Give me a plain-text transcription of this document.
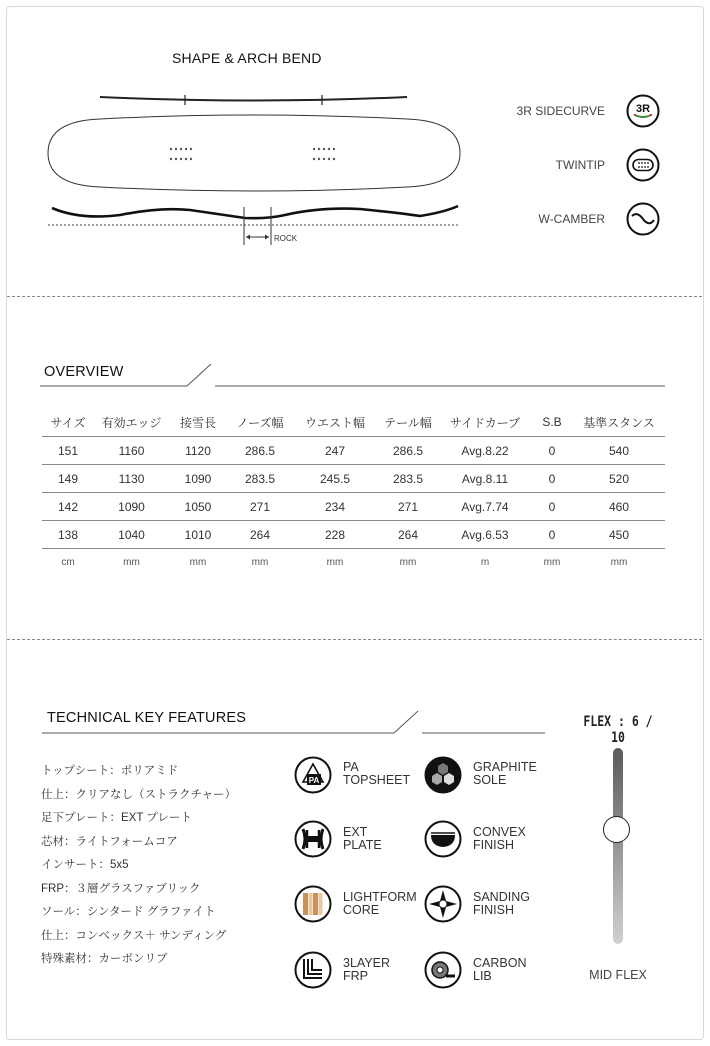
SHAPE & ARCH BEND
ROCK
3R SIDECURVE	3R
TWINTIP
W-CAMBER
OVERVIEW
サイズ	有効エッジ	接雪長	ノーズ幅	ウエスト幅	テール幅	サイドカーブ	S.B	基準スタンス
151	1160	1120	286.5	247	286.5	Avg.8.22	0	540
149	1130	1090	283.5	245.5	283.5	Avg.8.11	0	520
142	1090	1050	271	234	271	Avg.7.74	0	460
138	1040	1010	264	228	264	Avg.6.53	0	450
cm	mm	mm	mm	mm	mm	m	mm	mm
TECHNICAL KEY FEATURES
トップシート：ポリアミド
仕上：クリアなし（ストラクチャー）
足下プレート：EXT プレート
芯材：ライトフォームコア
インサート：5x5
FRP：３層グラスファブリック
ソール：シンタード グラファイト
仕上：コンベックス＋ サンディング
特殊素材：カーボンリブ
PA
PA
TOPSHEET
EXT
PLATE
LIGHTFORM
CORE
3LAYER
FRP
GRAPHITE
SOLE
CONVEX
FINISH
SANDING
FINISH
CARBON
LIB
FLEX : 6 / 10
MID FLEX
